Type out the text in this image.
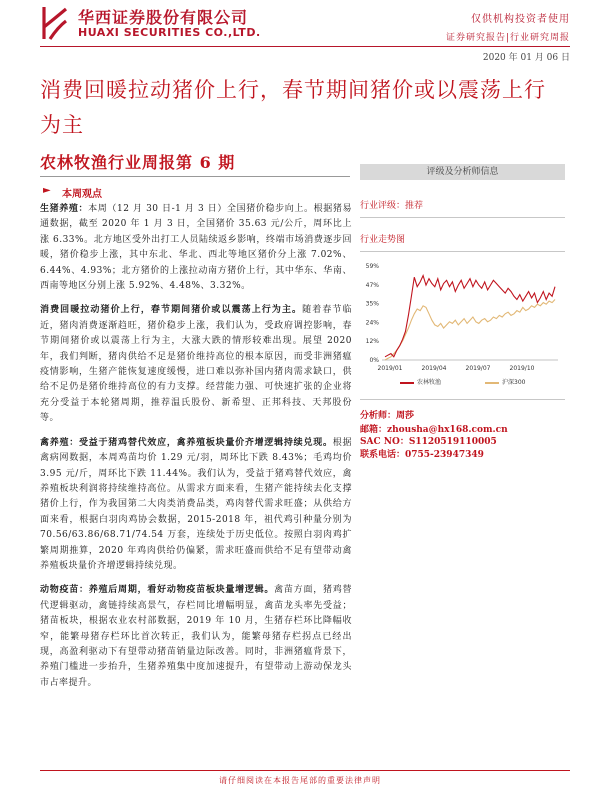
华西证券股份有限公司
HUAXI SECURITIES CO.,LTD.
仅供机构投资者使用
证券研究报告|行业研究周报
2020 年 01 月 06 日
消费回暖拉动猪价上行，春节期间猪价或以震荡上行为主
农林牧渔行业周报第 6 期
► 本周观点

生猪养殖：本周（12 月 30 日-1 月 3 日）全国猪价稳步向上。根据猪易通数据，截至 2020 年 1 月 3 日，全国猪价 35.63 元/公斤，周环比上涨 6.33%。北方地区受外出打工人员陆续返乡影响，终端市场消费逐步回暖，猪价稳步上涨，其中东北、华北、西北等地区猪价分上涨 7.02%、6.44%、4.93%；北方猪价的上涨拉动南方猪价上行，其中华东、华南、西南等地区分别上涨 5.92%、4.48%、3.32%。

消费回暖拉动猪价上行，春节期间猪价或以震荡上行为主。随着春节临近，猪肉消费逐渐趋旺，猪价稳步上涨，我们认为，受政府调控影响，春节期间猪价或以震荡上行为主，大涨大跌的情形较难出现。展望 2020 年，我们判断，猪肉供给不足是猪价维持高位的根本原因，而受非洲猪瘟疫情影响，生猪产能恢复速度缓慢，进口难以弥补国内猪肉需求缺口，供给不足仍是猪价维持高位的有力支撑。经营能力强、可快速扩张的企业将充分受益于本轮猪周期，推荐温氏股份、新希望、正邦科技、天邦股份等。

禽养殖：受益于猪鸡替代效应，禽养殖板块量价齐增逻辑持续兑现。根据禽病网数据，本周鸡苗均价 1.29 元/羽，周环比下跌 8.43%；毛鸡均价 3.95 元/斤，周环比下跌 11.44%。我们认为，受益于猪鸡替代效应，禽养殖板块利润将持续维持高位。从需求方面来看，生猪产能持续去化支撑猪价上行，作为我国第二大肉类消费品类，鸡肉替代需求旺盛；从供给方面来看，根据白羽肉鸡协会数据，2015-2018 年，祖代鸡引种量分别为 70.56/63.86/68.71/74.54 万套，连续处于历史低位。按照白羽肉鸡扩繁周期推算，2020 年鸡肉供给仍偏紧，需求旺盛而供给不足有望带动禽养殖板块量价齐增逻辑持续兑现。

动物疫苗：养殖后周期，看好动物疫苗板块量增逻辑。禽苗方面，猪鸡替代逻辑驱动，禽链持续高景气，存栏同比增幅明显，禽苗龙头率先受益；猪苗板块，根据农业农村部数据，2019 年 10 月，生猪存栏环比降幅收窄，能繁母猪存栏环比首次转正，我们认为，能繁母猪存栏拐点已经出现，高盈利驱动下有望带动猪苗销量边际改善。同时，非洲猪瘟背景下，养殖门槛进一步抬升，生猪养殖集中度加速提升，有望带动上游动保龙头市占率提升。

评级及分析师信息
行业评级：推荐
行业走势图
0%
12%
24%
35%
47%
59%
2019/01	2019/04	2019/07	2019/10
农林牧渔	沪深300
分析师：周莎
邮箱：zhousha@hx168.com.cn
SAC NO：S1120519110005
联系电话：0755-23947349
请仔细阅读在本报告尾部的重要法律声明
